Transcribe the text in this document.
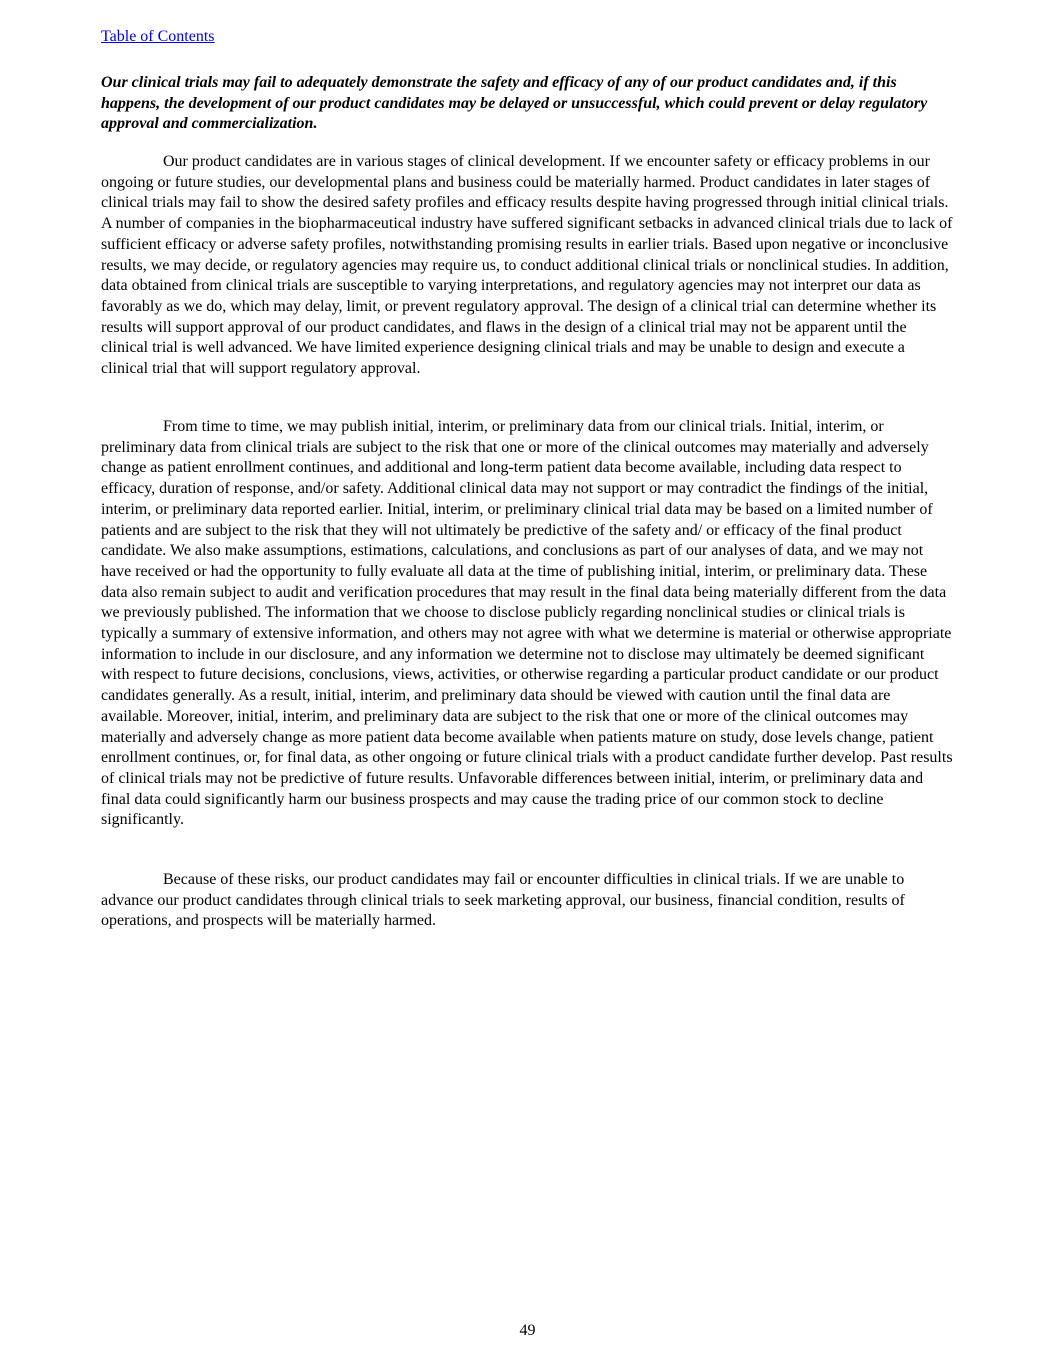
Table of Contents

Our clinical trials may fail to adequately demonstrate the safety and efficacy of any of our product candidates and, if this happens, the development of our product candidates may be delayed or unsuccessful, which could prevent or delay regulatory approval and commercialization.

Our product candidates are in various stages of clinical development. If we encounter safety or efficacy problems in our ongoing or future studies, our developmental plans and business could be materially harmed. Product candidates in later stages of clinical trials may fail to show the desired safety profiles and efficacy results despite having progressed through initial clinical trials. A number of companies in the biopharmaceutical industry have suffered significant setbacks in advanced clinical trials due to lack of sufficient efficacy or adverse safety profiles, notwithstanding promising results in earlier trials. Based upon negative or inconclusive results, we may decide, or regulatory agencies may require us, to conduct additional clinical trials or nonclinical studies. In addition, data obtained from clinical trials are susceptible to varying interpretations, and regulatory agencies may not interpret our data as favorably as we do, which may delay, limit, or prevent regulatory approval. The design of a clinical trial can determine whether its results will support approval of our product candidates, and flaws in the design of a clinical trial may not be apparent until the clinical trial is well advanced. We have limited experience designing clinical trials and may be unable to design and execute a clinical trial that will support regulatory approval.

From time to time, we may publish initial, interim, or preliminary data from our clinical trials. Initial, interim, or preliminary data from clinical trials are subject to the risk that one or more of the clinical outcomes may materially and adversely change as patient enrollment continues, and additional and long-term patient data become available, including data respect to efficacy, duration of response, and/or safety. Additional clinical data may not support or may contradict the findings of the initial, interim, or preliminary data reported earlier. Initial, interim, or preliminary clinical trial data may be based on a limited number of patients and are subject to the risk that they will not ultimately be predictive of the safety and/ or efficacy of the final product candidate. We also make assumptions, estimations, calculations, and conclusions as part of our analyses of data, and we may not have received or had the opportunity to fully evaluate all data at the time of publishing initial, interim, or preliminary data. These data also remain subject to audit and verification procedures that may result in the final data being materially different from the data we previously published. The information that we choose to disclose publicly regarding nonclinical studies or clinical trials is typically a summary of extensive information, and others may not agree with what we determine is material or otherwise appropriate information to include in our disclosure, and any information we determine not to disclose may ultimately be deemed significant with respect to future decisions, conclusions, views, activities, or otherwise regarding a particular product candidate or our product candidates generally. As a result, initial, interim, and preliminary data should be viewed with caution until the final data are available. Moreover, initial, interim, and preliminary data are subject to the risk that one or more of the clinical outcomes may materially and adversely change as more patient data become available when patients mature on study, dose levels change, patient enrollment continues, or, for final data, as other ongoing or future clinical trials with a product candidate further develop. Past results of clinical trials may not be predictive of future results. Unfavorable differences between initial, interim, or preliminary data and final data could significantly harm our business prospects and may cause the trading price of our common stock to decline significantly.

Because of these risks, our product candidates may fail or encounter difficulties in clinical trials. If we are unable to advance our product candidates through clinical trials to seek marketing approval, our business, financial condition, results of operations, and prospects will be materially harmed.

49
